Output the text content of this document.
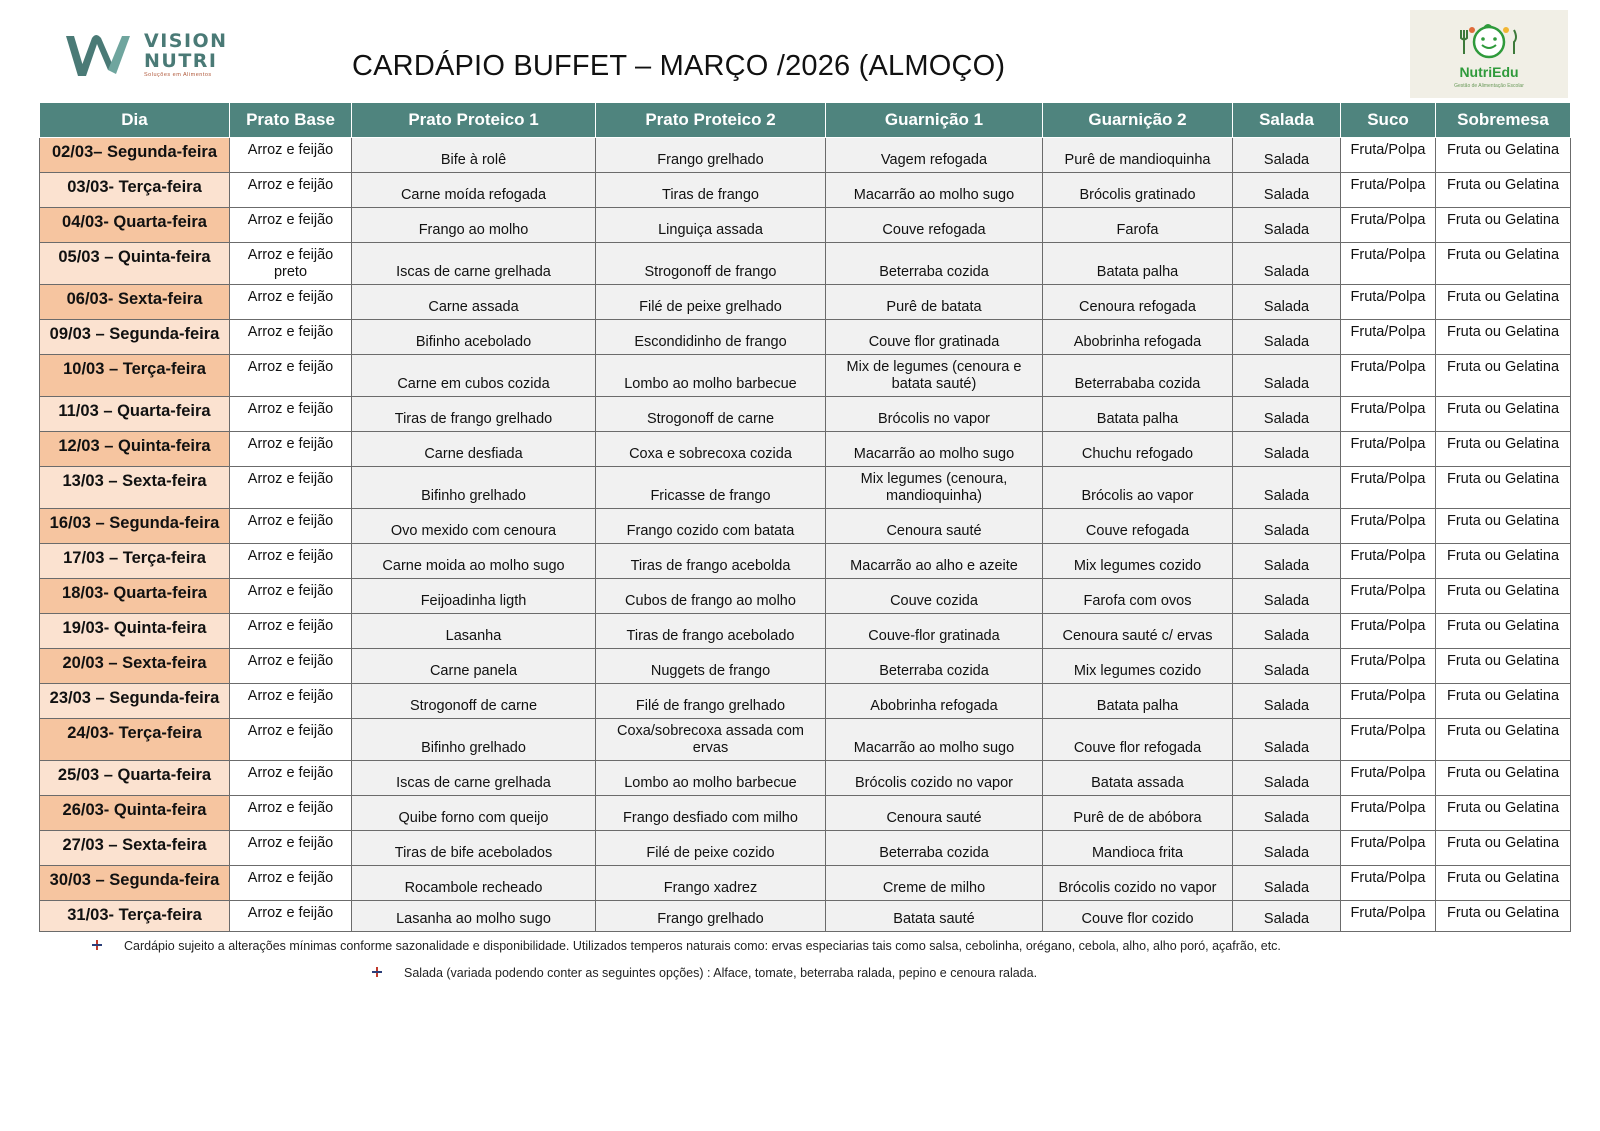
VISION
NUTRI
Soluções em Alimentos	CARDÁPIO BUFFET – MARÇO /2026 (ALMOÇO)	NutriEdu
Gestão de Alimentação Escolar
Dia	Prato Base	Prato Proteico 1	Prato Proteico 2	Guarnição 1	Guarnição 2	Salada	Suco	Sobremesa
02/03– Segunda-feira	Arroz e feijão	Bife à rolê	Frango grelhado	Vagem refogada	Purê de mandioquinha	Salada	Fruta/Polpa	Fruta ou Gelatina
03/03- Terça-feira	Arroz e feijão	Carne moída refogada	Tiras de frango	Macarrão ao molho sugo	Brócolis gratinado	Salada	Fruta/Polpa	Fruta ou Gelatina
04/03- Quarta-feira	Arroz e feijão	Frango ao molho	Linguiça assada	Couve refogada	Farofa	Salada	Fruta/Polpa	Fruta ou Gelatina
05/03 – Quinta-feira	Arroz e feijão preto	Iscas de carne grelhada	Strogonoff de frango	Beterraba cozida	Batata palha	Salada	Fruta/Polpa	Fruta ou Gelatina
06/03- Sexta-feira	Arroz e feijão	Carne assada	Filé de peixe grelhado	Purê de batata	Cenoura refogada	Salada	Fruta/Polpa	Fruta ou Gelatina
09/03 – Segunda-feira	Arroz e feijão	Bifinho acebolado	Escondidinho de frango	Couve flor gratinada	Abobrinha refogada	Salada	Fruta/Polpa	Fruta ou Gelatina
10/03 – Terça-feira	Arroz e feijão	Carne em cubos cozida	Lombo ao molho barbecue	Mix de legumes (cenoura e batata sauté)	Beterrababa cozida	Salada	Fruta/Polpa	Fruta ou Gelatina
11/03 – Quarta-feira	Arroz e feijão	Tiras de frango grelhado	Strogonoff de carne	Brócolis no vapor	Batata palha	Salada	Fruta/Polpa	Fruta ou Gelatina
12/03 – Quinta-feira	Arroz e feijão	Carne desfiada	Coxa e sobrecoxa cozida	Macarrão ao molho sugo	Chuchu refogado	Salada	Fruta/Polpa	Fruta ou Gelatina
13/03 – Sexta-feira	Arroz e feijão	Bifinho grelhado	Fricasse de frango	Mix legumes (cenoura, mandioquinha)	Brócolis ao vapor	Salada	Fruta/Polpa	Fruta ou Gelatina
16/03 – Segunda-feira	Arroz e feijão	Ovo mexido com cenoura	Frango cozido com batata	Cenoura sauté	Couve refogada	Salada	Fruta/Polpa	Fruta ou Gelatina
17/03 – Terça-feira	Arroz e feijão	Carne moida ao molho sugo	Tiras de frango acebolda	Macarrão ao alho e azeite	Mix legumes cozido	Salada	Fruta/Polpa	Fruta ou Gelatina
18/03- Quarta-feira	Arroz e feijão	Feijoadinha ligth	Cubos de frango ao molho	Couve cozida	Farofa com ovos	Salada	Fruta/Polpa	Fruta ou Gelatina
19/03- Quinta-feira	Arroz e feijão	Lasanha	Tiras de frango acebolado	Couve-flor gratinada	Cenoura sauté c/ ervas	Salada	Fruta/Polpa	Fruta ou Gelatina
20/03 – Sexta-feira	Arroz e feijão	Carne panela	Nuggets de frango	Beterraba cozida	Mix legumes cozido	Salada	Fruta/Polpa	Fruta ou Gelatina
23/03 – Segunda-feira	Arroz e feijão	Strogonoff de carne	Filé de frango grelhado	Abobrinha refogada	Batata palha	Salada	Fruta/Polpa	Fruta ou Gelatina
24/03- Terça-feira	Arroz e feijão	Bifinho grelhado	Coxa/sobrecoxa assada com ervas	Macarrão ao molho sugo	Couve flor refogada	Salada	Fruta/Polpa	Fruta ou Gelatina
25/03 – Quarta-feira	Arroz e feijão	Iscas de carne grelhada	Lombo ao molho barbecue	Brócolis cozido no vapor	Batata assada	Salada	Fruta/Polpa	Fruta ou Gelatina
26/03- Quinta-feira	Arroz e feijão	Quibe forno com queijo	Frango desfiado com milho	Cenoura sauté	Purê de de abóbora	Salada	Fruta/Polpa	Fruta ou Gelatina
27/03 – Sexta-feira	Arroz e feijão	Tiras de bife acebolados	Filé de peixe cozido	Beterraba cozida	Mandioca frita	Salada	Fruta/Polpa	Fruta ou Gelatina
30/03 – Segunda-feira	Arroz e feijão	Rocambole recheado	Frango xadrez	Creme de milho	Brócolis cozido no vapor	Salada	Fruta/Polpa	Fruta ou Gelatina
31/03- Terça-feira	Arroz e feijão	Lasanha ao molho sugo	Frango grelhado	Batata sauté	Couve flor cozido	Salada	Fruta/Polpa	Fruta ou Gelatina
Cardápio sujeito a alterações mínimas conforme sazonalidade e disponibilidade. Utilizados temperos naturais como: ervas especiarias tais como salsa, cebolinha, orégano, cebola, alho, alho poró, açafrão, etc.
Salada (variada podendo conter as seguintes opções) : Alface, tomate, beterraba ralada, pepino e cenoura ralada.
